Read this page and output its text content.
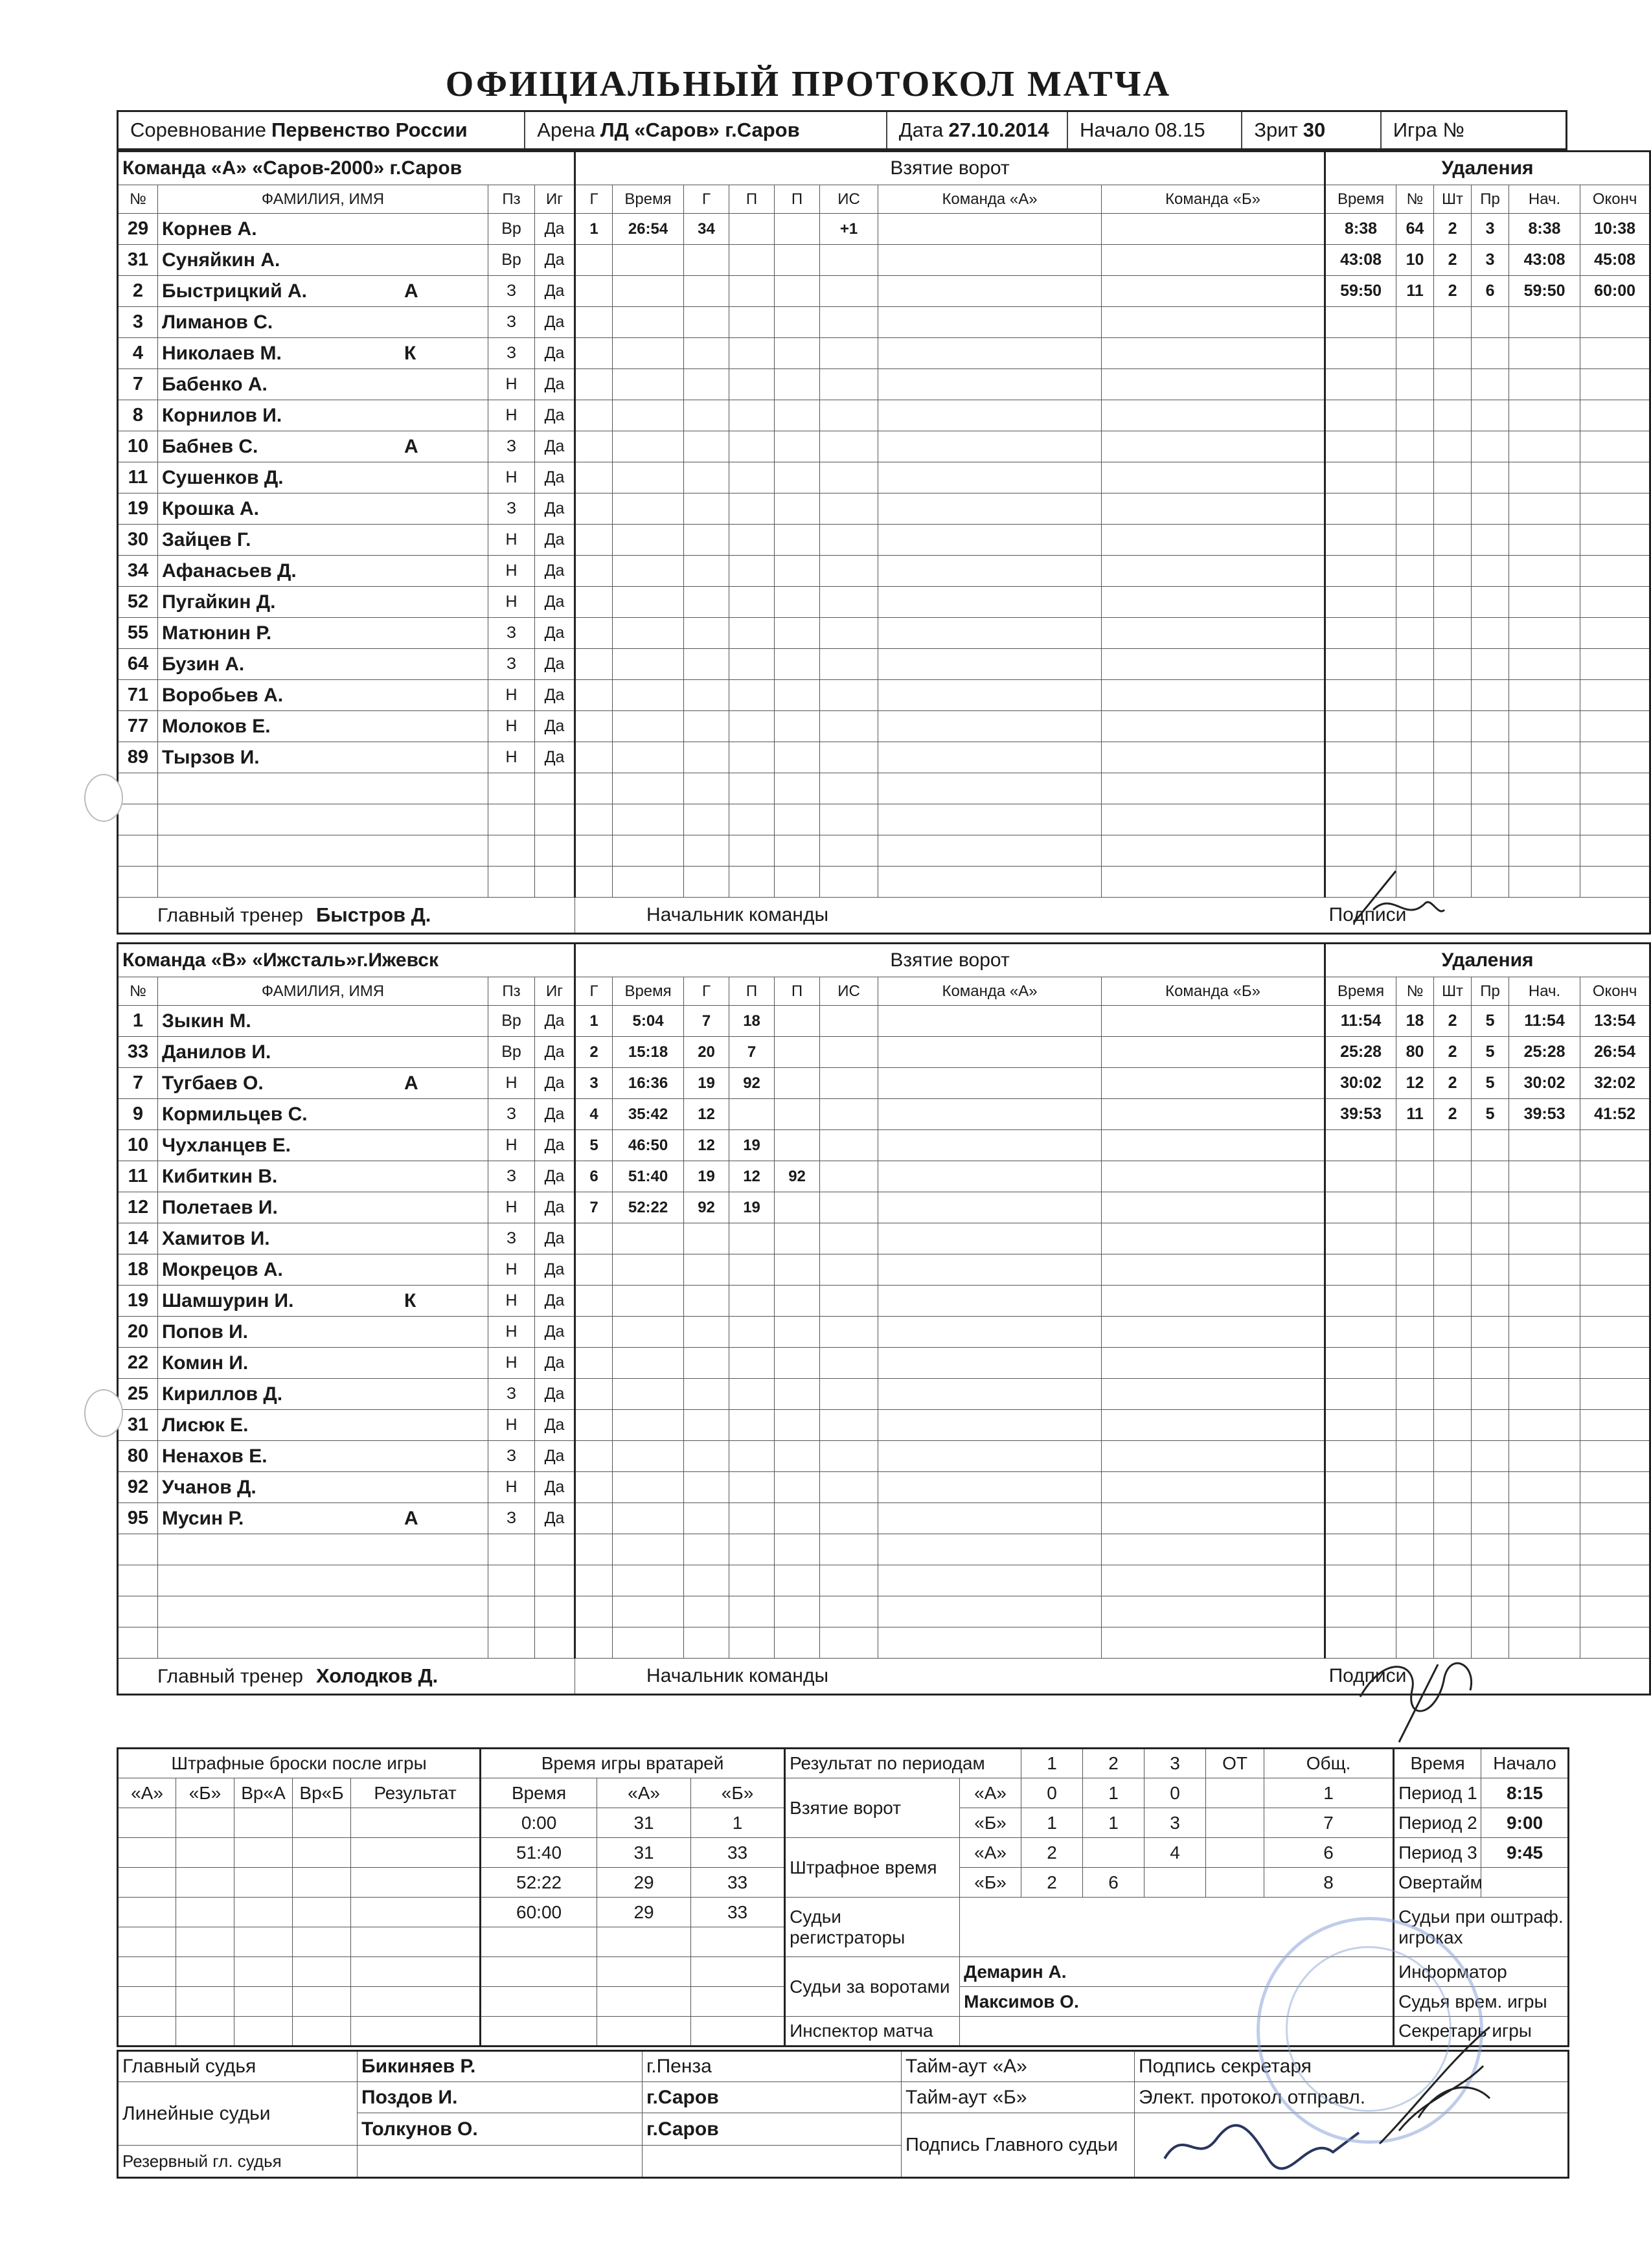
ОФИЦИАЛЬНЫЙ ПРОТОКОЛ МАТЧА
Соревнование Первенство России	Арена ЛД «Саров» г.Саров	Дата 27.10.2014 Начало 08.15 Зрит 30	Игра №
Команда «А» «Саров-2000» г.Саров				Взятие ворот								Удаления					
№	ФАМИЛИЯ, ИМЯ	Пз	Иг	Г	Время	Г	П	П	ИС	Команда «А»	Команда «Б»	Время	№	Шт	Пр	Нач.	Оконч
29	Корнев А.	Вр	Да	1	26:54	34			+1			8:38	64	2	3	8:38	10:38
31	Суняйкин А.	Вр	Да									43:08	10	2	3	43:08	45:08
2	Быстрицкий А. А	З	Да									59:50	11	2	6	59:50	60:00
3	Лиманов С.	З	Да														
4	Николаев М. К	З	Да														
7	Бабенко А.	Н	Да														
8	Корнилов И.	Н	Да														
10	Бабнев С. А	З	Да														
11	Сушенков Д.	Н	Да														
19	Крошка А.	З	Да														
30	Зайцев Г.	Н	Да														
34	Афанасьев Д.	Н	Да														
52	Пугайкин Д.	Н	Да														
55	Матюнин Р.	З	Да														
64	Бузин А.	З	Да														
71	Воробьев А.	Н	Да														
77	Молоков Е.	Н	Да														
89	Тырзов И.	Н	Да														

Главный тренер Быстров Д.				Начальник команды								Подписи					
Команда «В» «Ижсталь»г.Ижевск				Взятие ворот								Удаления					
№	ФАМИЛИЯ, ИМЯ	Пз	Иг	Г	Время	Г	П	П	ИС	Команда «А»	Команда «Б»	Время	№	Шт	Пр	Нач.	Оконч
1	Зыкин М.	Вр	Да	1	5:04	7	18					11:54	18	2	5	11:54	13:54
33	Данилов И.	Вр	Да	2	15:18	20	7					25:28	80	2	5	25:28	26:54
7	Тугбаев О. А	Н	Да	3	16:36	19	92					30:02	12	2	5	30:02	32:02
9	Кормильцев С.	З	Да	4	35:42	12						39:53	11	2	5	39:53	41:52
10	Чухланцев Е.	Н	Да	5	46:50	12	19										
11	Кибиткин В.	З	Да	6	51:40	19	12	92									
12	Полетаев И.	Н	Да	7	52:22	92	19										
14	Хамитов И.	З	Да														
18	Мокрецов А.	Н	Да														
19	Шамшурин И. К	Н	Да														
20	Попов И.	Н	Да														
22	Комин И.	Н	Да														
25	Кириллов Д.	З	Да														
31	Лисюк Е.	Н	Да														
80	Ненахов Е.	З	Да														
92	Учанов Д.	Н	Да														
95	Мусин Р. А	З	Да														

Главный тренер Холодков Д.				Начальник команды								Подписи					
Штрафные броски после игры					Время игры вратарей			Результат по периодам		1	2	3	ОТ	Общ.	Время	Начало	
«А»	«Б»	Вр«А	Вр«Б	Результат	Время	«А»	«Б»	Взятие ворот	«А»	0	1	0		1	Период 1	8:15	
					0:00	31	1		«Б»	1	1	3		7	Период 2	9:00	
					51:40	31	33	Штрафное время	«А»	2		4		6	Период 3	9:45	
					52:22	29	33		«Б»	2	6			8	Овертайм		
					60:00	29	33	Судьи регистраторы							Судьи при оштраф. игроках	

								Судьи за воротами	Демарин А.						Информатор	
									Максимов О.						Судья врем. игры	
								Инспектор матча							Секретарь игры	
Главный судья	Бикиняев Р.	г.Пенза	Тайм-аут «А»	Подпись секретаря
Линейные судьи	Поздов И.	г.Саров	Тайм-аут «Б»	Элект. протокол отправл.
	Толкунов О.	г.Саров	Подпись Главного судьи	
Резервный гл. судья				
